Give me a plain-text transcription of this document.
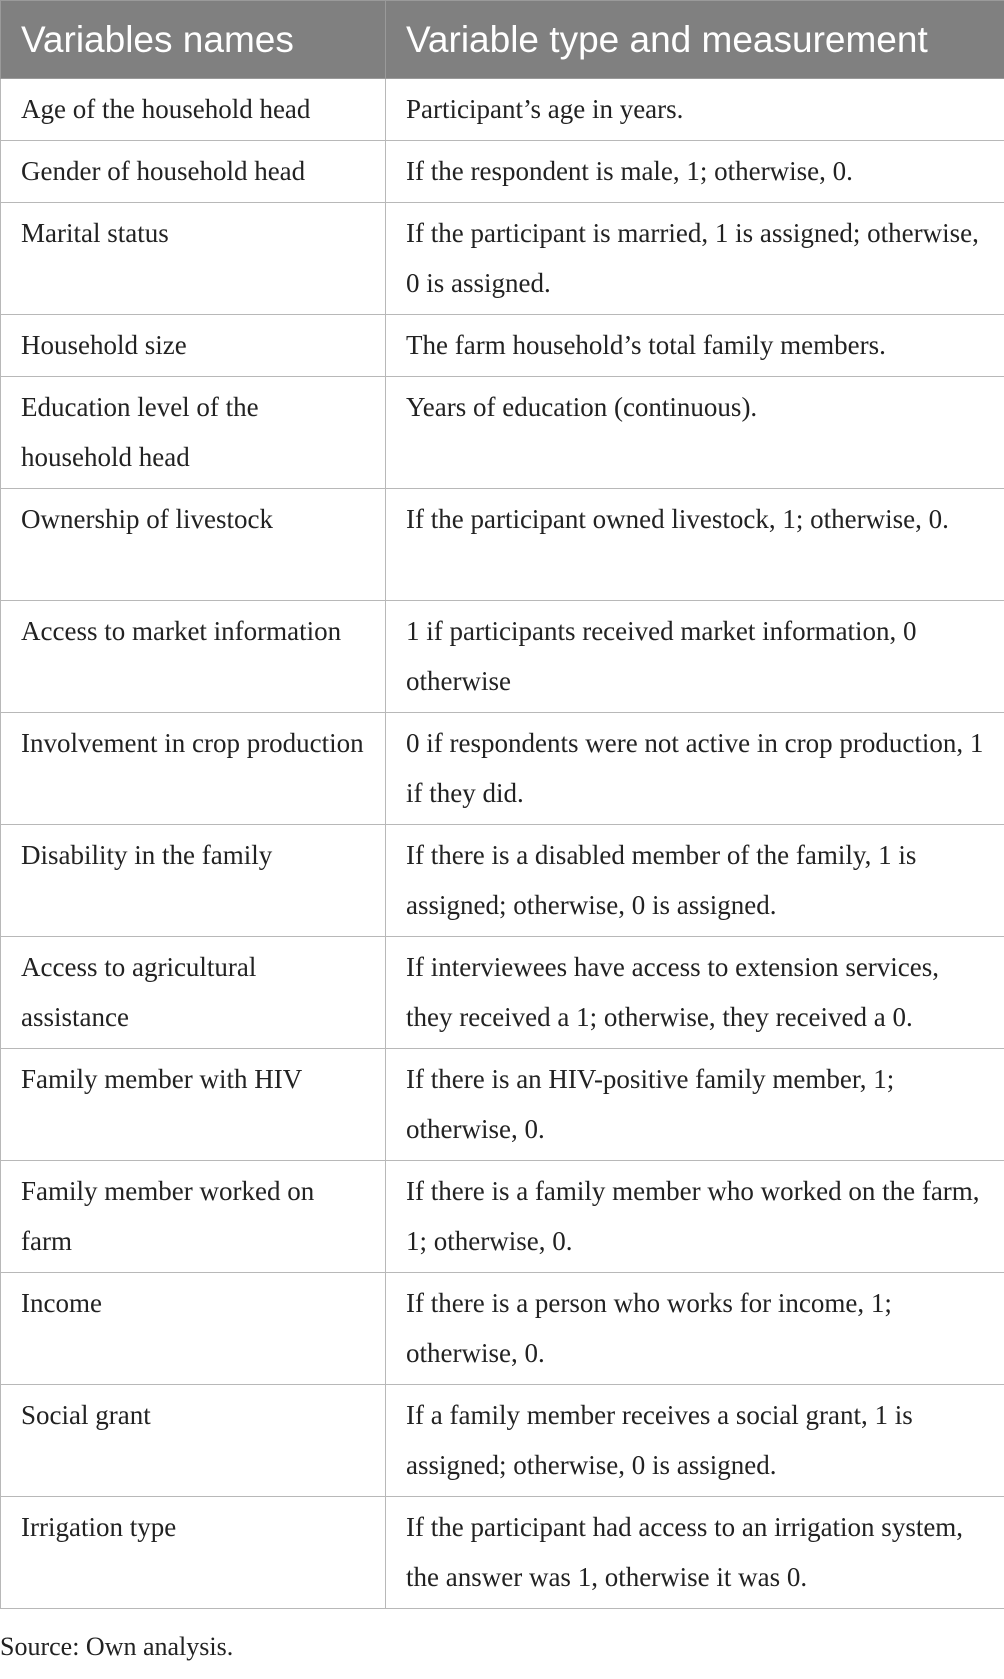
Variables names	Variable type and measurement
Age of the household head	Participant’s age in years.
Gender of household head	If the respondent is male, 1; otherwise, 0.
Marital status	If the participant is married, 1 is assigned; otherwise, 0 is assigned.
Household size	The farm household’s total family members.
Education level of the household head	Years of education (continuous).
Ownership of livestock	If the participant owned livestock, 1; otherwise, 0.
Access to market information	1 if participants received market information, 0 otherwise
Involvement in crop production	0 if respondents were not active in crop production, 1 if they did.
Disability in the family	If there is a disabled member of the family, 1 is assigned; otherwise, 0 is assigned.
Access to agricultural assistance	If interviewees have access to extension services, they received a 1; otherwise, they received a 0.
Family member with HIV	If there is an HIV-positive family member, 1; otherwise, 0.
Family member worked on farm	If there is a family member who worked on the farm, 1; otherwise, 0.
Income	If there is a person who works for income, 1; otherwise, 0.
Social grant	If a family member receives a social grant, 1 is assigned; otherwise, 0 is assigned.
Irrigation type	If the participant had access to an irrigation system, the answer was 1, otherwise it was 0.
Source: Own analysis.
